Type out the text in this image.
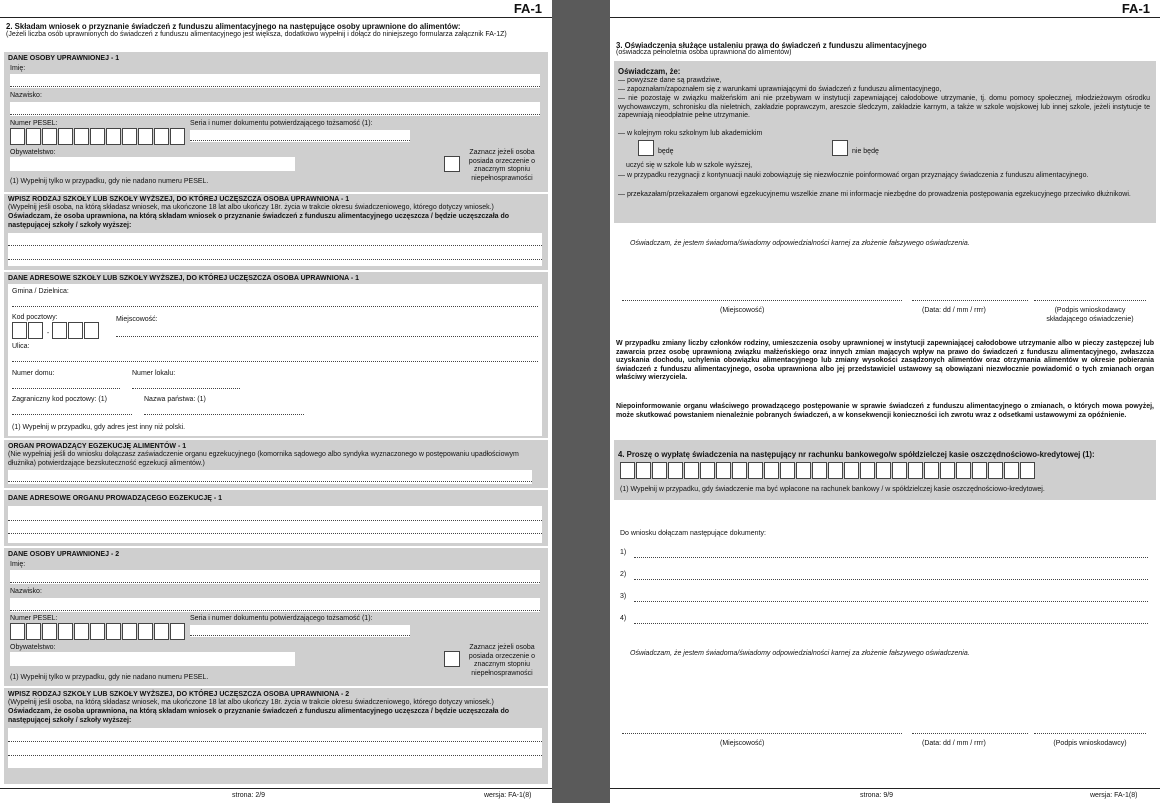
FA-1
2. Składam wniosek o przyznanie świadczeń z funduszu alimentacyjnego na następujące osoby uprawnione do alimentów:
(Jeżeli liczba osób uprawnionych do świadczeń z funduszu alimentacyjnego jest większa, dodatkowo wypełnij i dołącz do niniejszego formularza załącznik FA-1Z)
DANE OSOBY UPRAWNIONEJ - 1
Imię:
Nazwisko:
Numer PESEL:	Seria i numer dokumentu potwierdzającego tożsamość (1):
Obywatelstwo:	Zaznacz jeżeli osoba posiada orzeczenie o znacznym stopniu niepełnosprawności
(1) Wypełnij tylko w przypadku, gdy nie nadano numeru PESEL.
WPISZ RODZAJ SZKOŁY LUB SZKOŁY WYŻSZEJ, DO KTÓREJ UCZĘSZCZA OSOBA UPRAWNIONA - 1
(Wypełnij jeśli osoba, na którą składasz wniosek, ma ukończone 18 lat albo ukończy 18r. życia w trakcie okresu świadczeniowego, którego dotyczy wniosek.)
Oświadczam, że osoba uprawniona, na którą składam wniosek o przyznanie świadczeń z funduszu alimentacyjnego uczęszcza / będzie uczęszczała do następującej szkoły / szkoły wyższej:
DANE ADRESOWE SZKOŁY LUB SZKOŁY WYŻSZEJ, DO KTÓREJ UCZĘSZCZA OSOBA UPRAWNIONA - 1
Gmina / Dzielnica:
Kod pocztowy:
-
Miejscowość:
Ulica:
Numer domu:	Numer lokalu:
Zagraniczny kod pocztowy: (1)	Nazwa państwa: (1)
(1) Wypełnij w przypadku, gdy adres jest inny niż polski.
ORGAN PROWADZĄCY EGZEKUCJĘ ALIMENTÓW - 1
(Nie wypełniaj jeśli do wniosku dołączasz zaświadczenie organu egzekucyjnego (komornika sądowego albo syndyka wyznaczonego w postępowaniu upadłościowym dłużnika) potwierdzające bezskuteczność egzekucji alimentów.)
DANE ADRESOWE ORGANU PROWADZĄCEGO EGZEKUCJĘ - 1
DANE OSOBY UPRAWNIONEJ - 2
Imię:
Nazwisko:
Numer PESEL:	Seria i numer dokumentu potwierdzającego tożsamość (1):
Obywatelstwo:	Zaznacz jeżeli osoba posiada orzeczenie o znacznym stopniu niepełnosprawności
(1) Wypełnij tylko w przypadku, gdy nie nadano numeru PESEL.
WPISZ RODZAJ SZKOŁY LUB SZKOŁY WYŻSZEJ, DO KTÓREJ UCZĘSZCZA OSOBA UPRAWNIONA - 2
(Wypełnij jeśli osoba, na którą składasz wniosek, ma ukończone 18 lat albo ukończy 18r. życia w trakcie okresu świadczeniowego, którego dotyczy wniosek.)
Oświadczam, że osoba uprawniona, na którą składam wniosek o przyznanie świadczeń z funduszu alimentacyjnego uczęszcza / będzie uczęszczała do następującej szkoły / szkoły wyższej:
strona: 2/9	wersja: FA-1(8)
FA-1
3. Oświadczenia służące ustaleniu prawa do świadczeń z funduszu alimentacyjnego
(oświadcza pełnoletnia osoba uprawniona do alimentów)
Oświadczam, że:
— powyższe dane są prawdziwe,
— zapoznałam/zapoznałem się z warunkami uprawniającymi do świadczeń z funduszu alimentacyjnego,
— nie pozostaję w związku małżeńskim ani nie przebywam w instytucji zapewniającej całodobowe utrzymanie, tj. domu pomocy społecznej, młodzieżowym ośrodku wychowawczym, schronisku dla nieletnich, zakładzie poprawczym, areszcie śledczym, zakładzie karnym, a także w szkole wojskowej lub innej szkole, jeżeli instytucje te zapewniają nieodpłatnie pełne utrzymanie.
— w kolejnym roku szkolnym lub akademickim
będę	nie będę
uczyć się w szkole lub w szkole wyższej,
— w przypadku rezygnacji z kontynuacji nauki zobowiązuję się niezwłocznie poinformować organ przyznający świadczenia z funduszu alimentacyjnego.
— przekazałam/przekazałem organowi egzekucyjnemu wszelkie znane mi informacje niezbędne do prowadzenia postępowania egzekucyjnego przeciwko dłużnikowi.
Oświadczam, że jestem świadoma/świadomy odpowiedzialności karnej za złożenie fałszywego oświadczenia.
(Miejscowość)	(Data: dd / mm / rrrr)	(Podpis wnioskodawcy składającego oświadczenie)
W przypadku zmiany liczby członków rodziny, umieszczenia osoby uprawnionej w instytucji zapewniającej całodobowe utrzymanie albo w pieczy zastępczej lub zawarcia przez osobę uprawnioną związku małżeńskiego oraz innych zmian mających wpływ na prawo do świadczeń z funduszu alimentacyjnego, zwłaszcza uzyskania dochodu, uchylenia obowiązku alimentacyjnego lub zmiany wysokości zasądzonych alimentów oraz otrzymania alimentów w okresie pobierania świadczeń z funduszu alimentacyjnego, osoba uprawniona albo jej przedstawiciel ustawowy są obowiązani niezwłocznie powiadomić o tych zmianach organ właściwy wierzyciela.
Niepoinformowanie organu właściwego prowadzącego postępowanie w sprawie świadczeń z funduszu alimentacyjnego o zmianach, o których mowa powyżej, może skutkować powstaniem nienależnie pobranych świadczeń, a w konsekwencji konieczności ich zwrotu wraz z odsetkami ustawowymi za opóźnienie.
4. Proszę o wypłatę świadczenia na następujący nr rachunku bankowego/w spółdzielczej kasie oszczędnościowo-kredytowej (1):
(1) Wypełnij w przypadku, gdy świadczenie ma być wpłacone na rachunek bankowy / w spółdzielczej kasie oszczędnościowo-kredytowej.
Do wniosku dołączam następujące dokumenty:
1)
2)
3)
4)
Oświadczam, że jestem świadoma/świadomy odpowiedzialności karnej za złożenie fałszywego oświadczenia.
(Miejscowość)	(Data: dd / mm / rrrr)	(Podpis wnioskodawcy)
strona: 9/9	wersja: FA-1(8)
